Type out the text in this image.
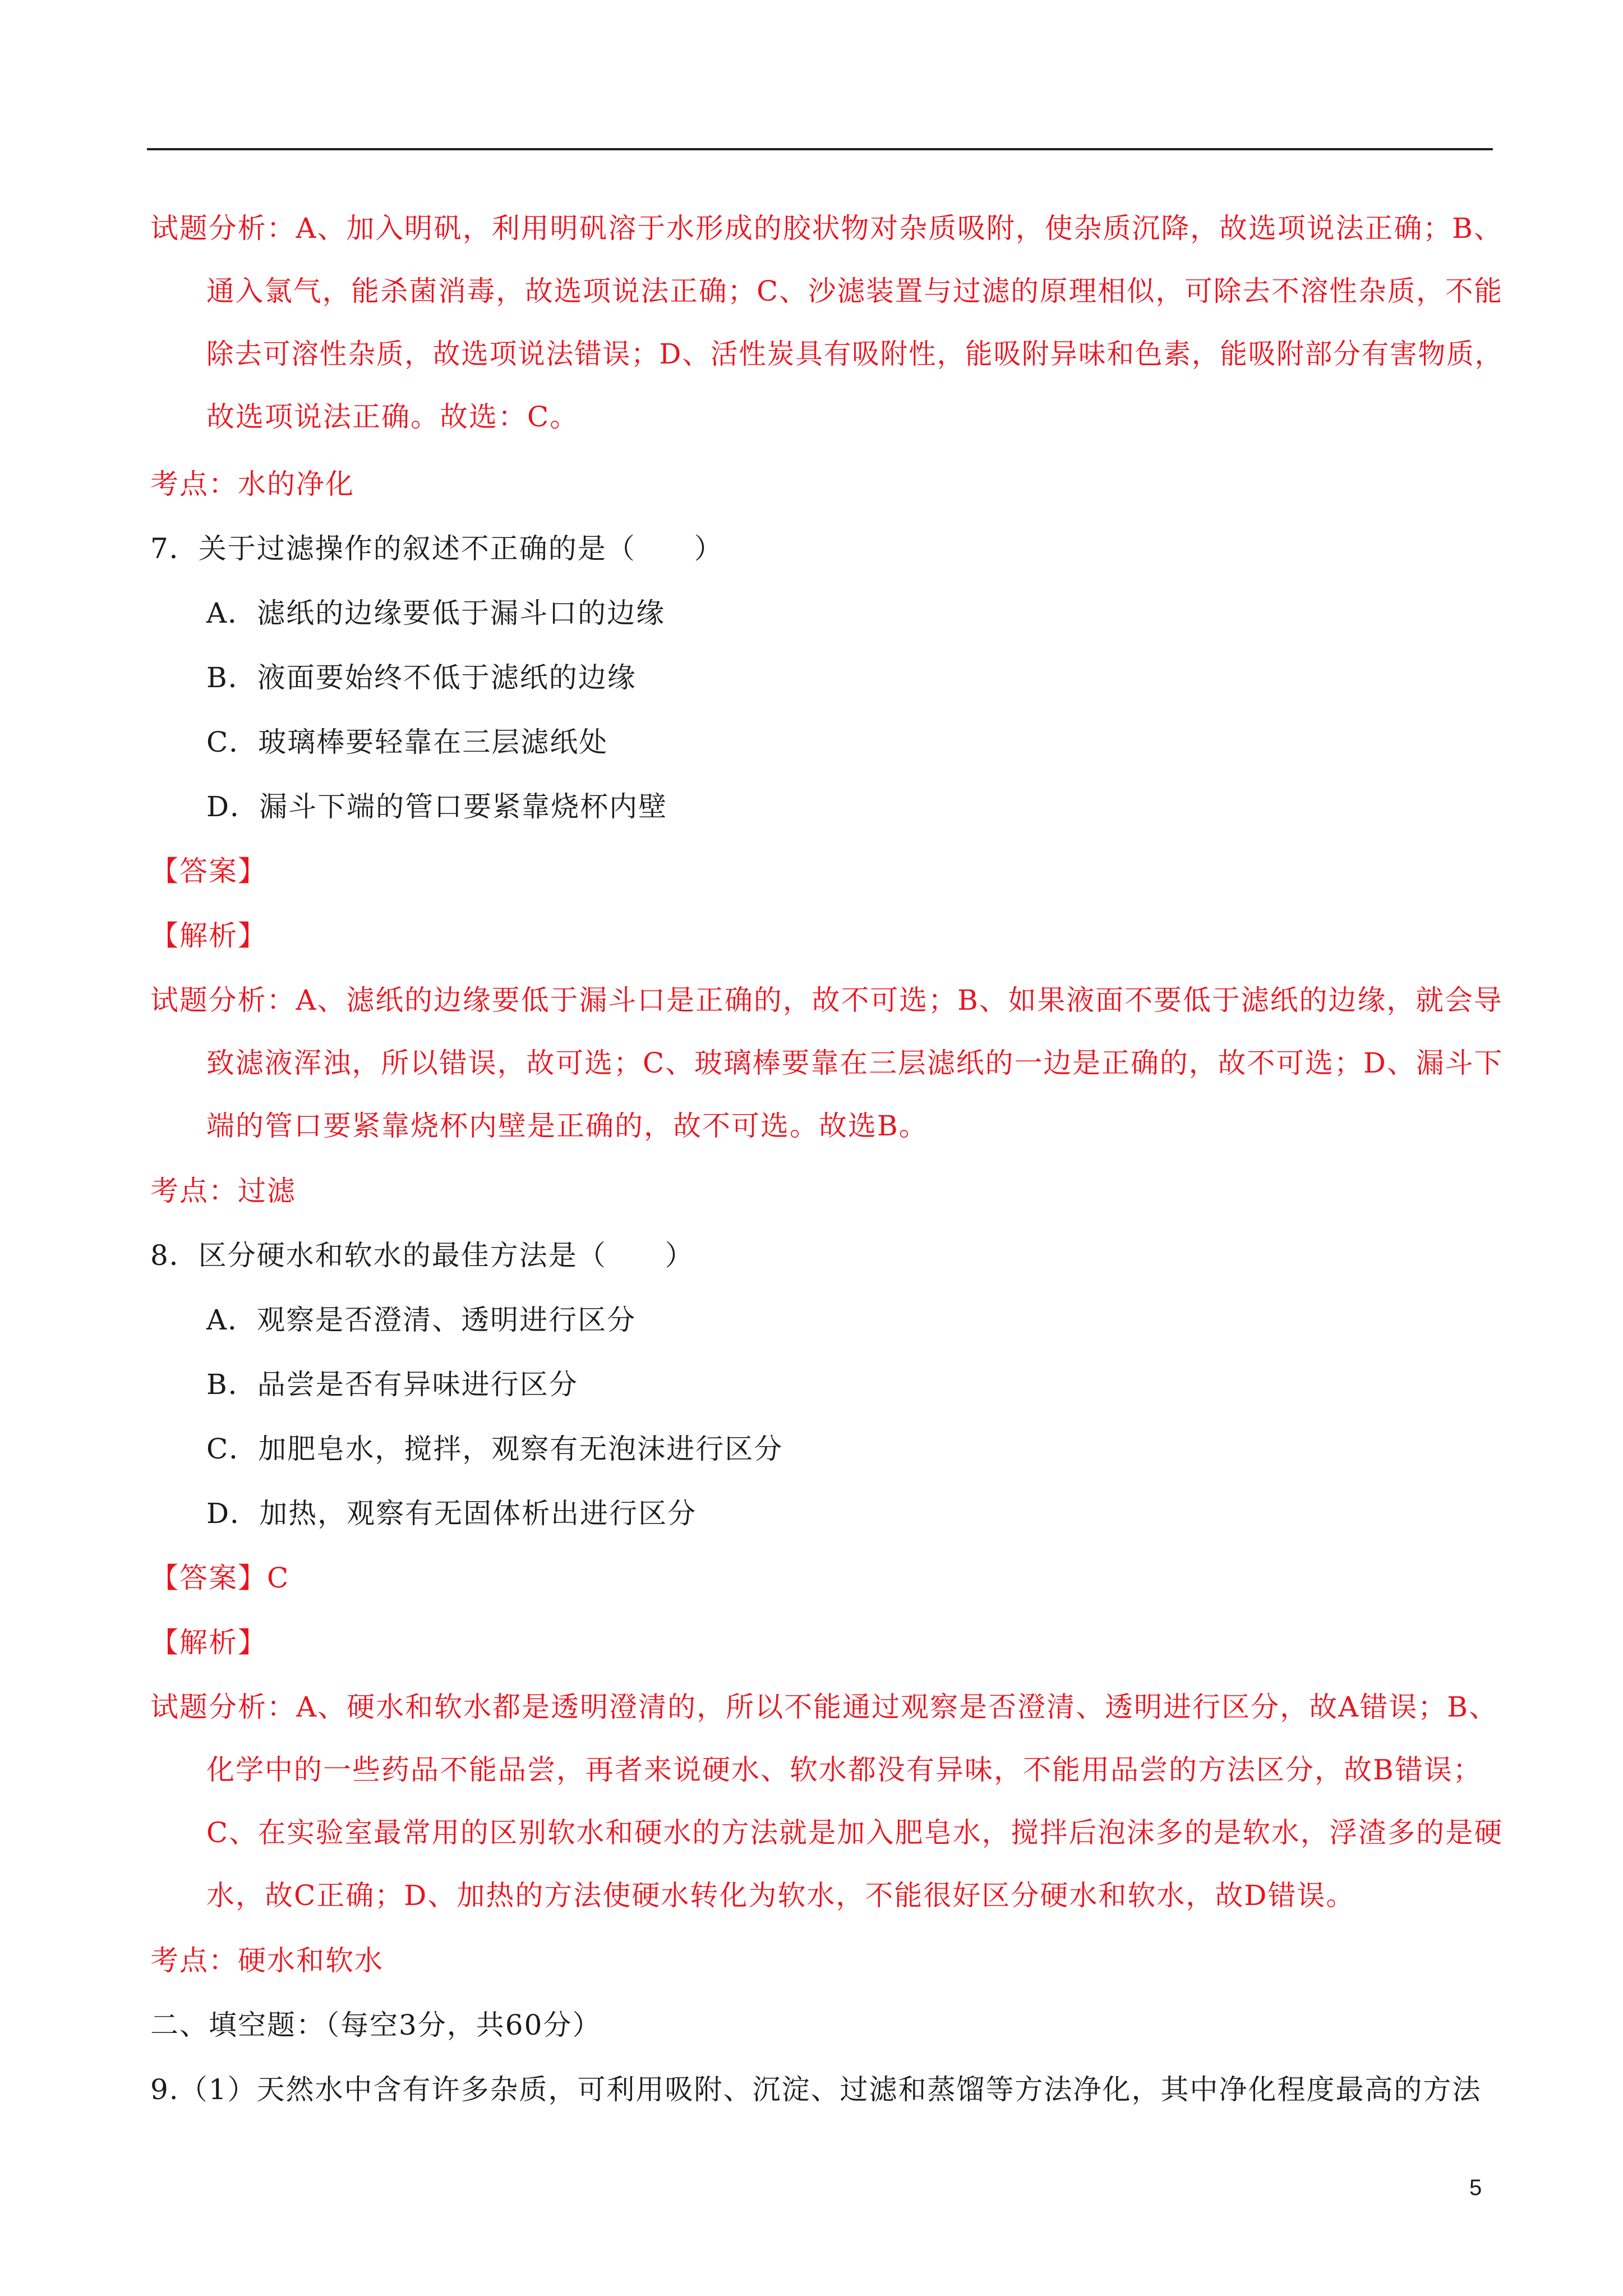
试题分析：A、加入明矾，利用明矾溶于水形成的胶状物对杂质吸附，使杂质沉降，故选项说法正确；B、
通入氯气，能杀菌消毒，故选项说法正确；C、沙滤装置与过滤的原理相似，可除去不溶性杂质，不能
除去可溶性杂质，故选项说法错误；D、活性炭具有吸附性，能吸附异味和色素，能吸附部分有害物质，
故选项说法正确。故选：C。
考点：水的净化
7．关于过滤操作的叙述不正确的是（　　）
A．滤纸的边缘要低于漏斗口的边缘
B．液面要始终不低于滤纸的边缘
C．玻璃棒要轻靠在三层滤纸处
D．漏斗下端的管口要紧靠烧杯内壁
【答案】
【解析】
试题分析：A、滤纸的边缘要低于漏斗口是正确的，故不可选；B、如果液面不要低于滤纸的边缘，就会导
致滤液浑浊，所以错误，故可选；C、玻璃棒要靠在三层滤纸的一边是正确的，故不可选；D、漏斗下
端的管口要紧靠烧杯内壁是正确的，故不可选。故选B。
考点：过滤
8．区分硬水和软水的最佳方法是（　　）
A．观察是否澄清、透明进行区分
B．品尝是否有异味进行区分
C．加肥皂水，搅拌，观察有无泡沫进行区分
D．加热，观察有无固体析出进行区分
【答案】C
【解析】
试题分析：A、硬水和软水都是透明澄清的，所以不能通过观察是否澄清、透明进行区分，故A错误；B、
化学中的一些药品不能品尝，再者来说硬水、软水都没有异味，不能用品尝的方法区分，故B错误；
C、在实验室最常用的区别软水和硬水的方法就是加入肥皂水，搅拌后泡沫多的是软水，浮渣多的是硬
水，故C正确；D、加热的方法使硬水转化为软水，不能很好区分硬水和软水，故D错误。
考点：硬水和软水
二、填空题：（每空3分，共60分）
9.（1）天然水中含有许多杂质，可利用吸附、沉淀、过滤和蒸馏等方法净化，其中净化程度最高的方法
5
